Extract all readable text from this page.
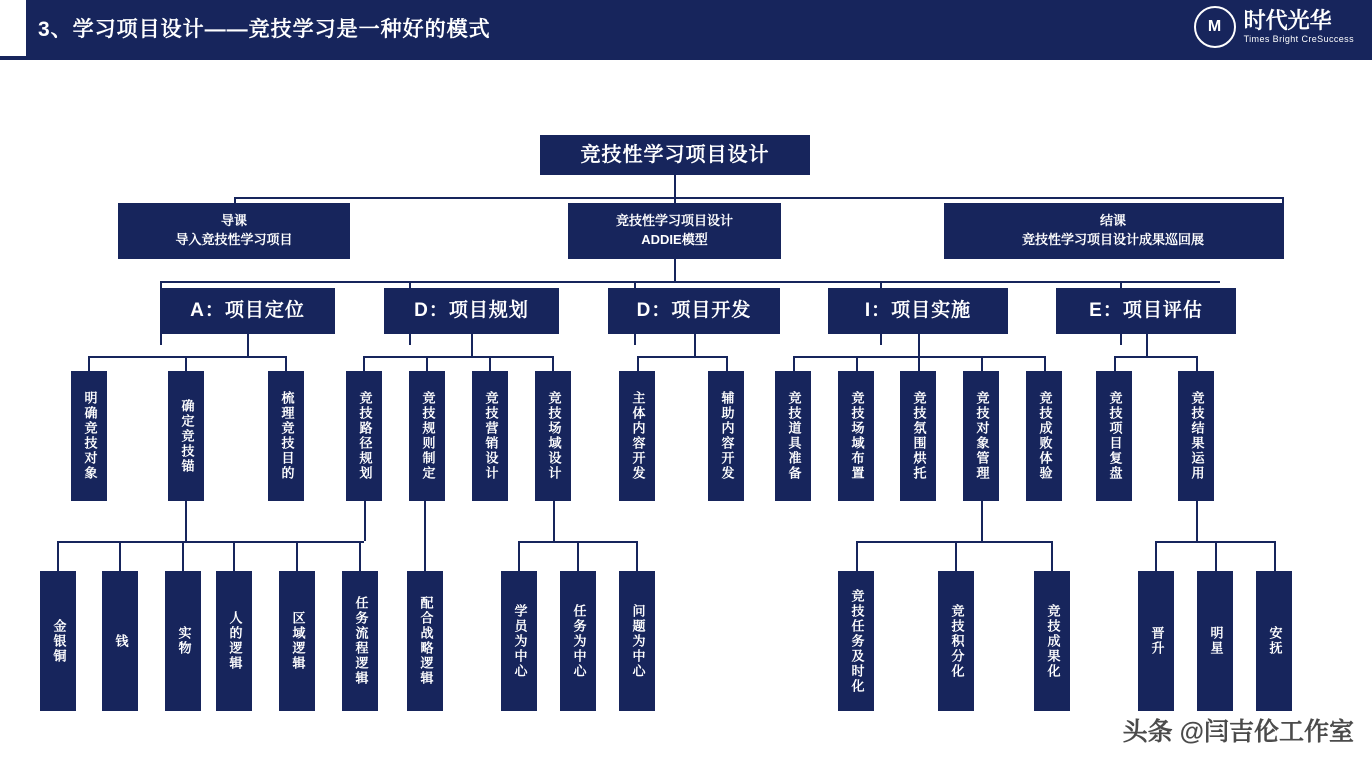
3、学习项目设计——竞技学习是一种好的模式	M	时代光华
Times Bright CreSuccess
竞技性学习项目设计
导课
导入竞技性学习项目
竞技性学习项目设计
ADDIE模型
结课
竞技性学习项目设计成果巡回展
A：项目定位	D：项目规划	D：项目开发	I：项目实施	E：项目评估
明确竞技对象	确定竞技锚	梳理竞技目的	竞技路径规划	竞技规则制定	竞技营销设计	竞技场域设计	主体内容开发	辅助内容开发	竞技道具准备	竞技场域布置	竞技氛围烘托	竞技对象管理	竞技成败体验	竞技项目复盘	竞技结果运用
金银铜	钱	实物	人的逻辑	区域逻辑	任务流程逻辑	配合战略逻辑	学员为中心	任务为中心	问题为中心	竞技任务及时化	竞技积分化	竞技成果化	晋升	明星	安抚
头条 @闫吉伦工作室
